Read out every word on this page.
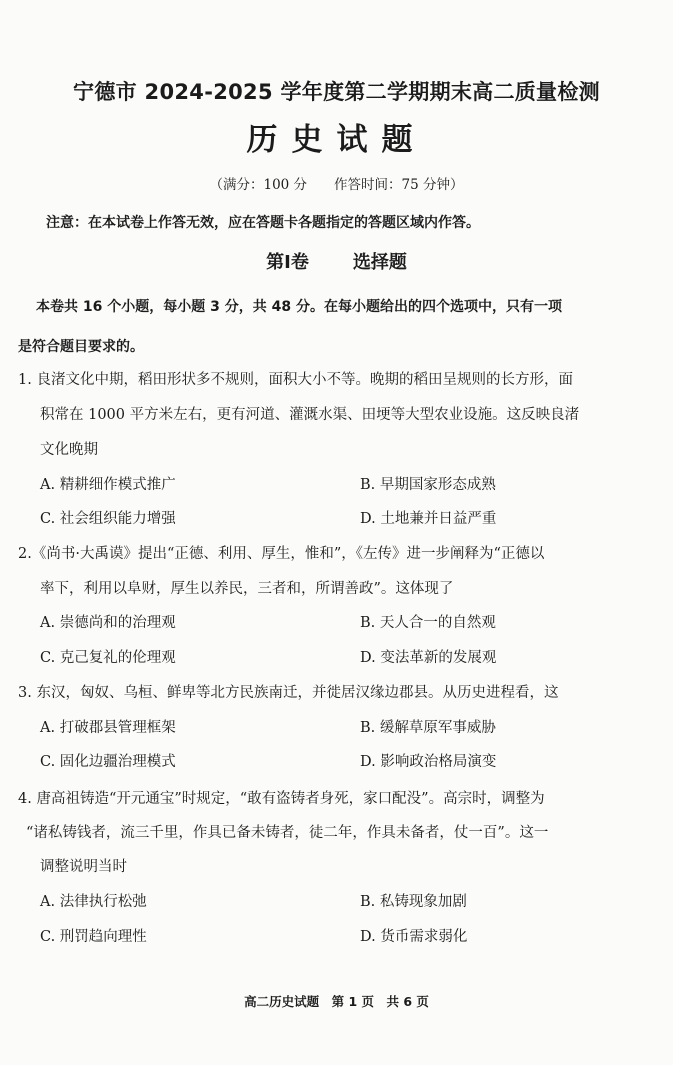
宁德市 2024-2025 学年度第二学期期末高二质量检测
历史试题
（满分：100 分　　作答时间：75 分钟）
注意：在本试卷上作答无效，应在答题卡各题指定的答题区域内作答。
第Ⅰ卷 选择题
本卷共 16 个小题，每小题 3 分，共 48 分。在每小题给出的四个选项中，只有一项
是符合题目要求的。
1. 良渚文化中期，稻田形状多不规则，面积大小不等。晚期的稻田呈规则的长方形，面
积常在 1000 平方米左右，更有河道、灌溉水渠、田埂等大型农业设施。这反映良渚
文化晚期
A. 精耕细作模式推广	B. 早期国家形态成熟
C. 社会组织能力增强	D. 土地兼并日益严重
2.《尚书·大禹谟》提出“正德、利用、厚生，惟和”，《左传》进一步阐释为“正德以
率下，利用以阜财，厚生以养民，三者和，所谓善政”。这体现了
A. 崇德尚和的治理观	B. 天人合一的自然观
C. 克己复礼的伦理观	D. 变法革新的发展观
3. 东汉，匈奴、乌桓、鲜卑等北方民族南迁，并徙居汉缘边郡县。从历史进程看，这
A. 打破郡县管理框架	B. 缓解草原军事威胁
C. 固化边疆治理模式	D. 影响政治格局演变
4. 唐高祖铸造“开元通宝”时规定，“敢有盗铸者身死，家口配没”。高宗时，调整为
“诸私铸钱者，流三千里，作具已备未铸者，徒二年，作具未备者，仗一百”。这一
调整说明当时
A. 法律执行松弛	B. 私铸现象加剧
C. 刑罚趋向理性	D. 货币需求弱化
高二历史试题　第 1 页　共 6 页
